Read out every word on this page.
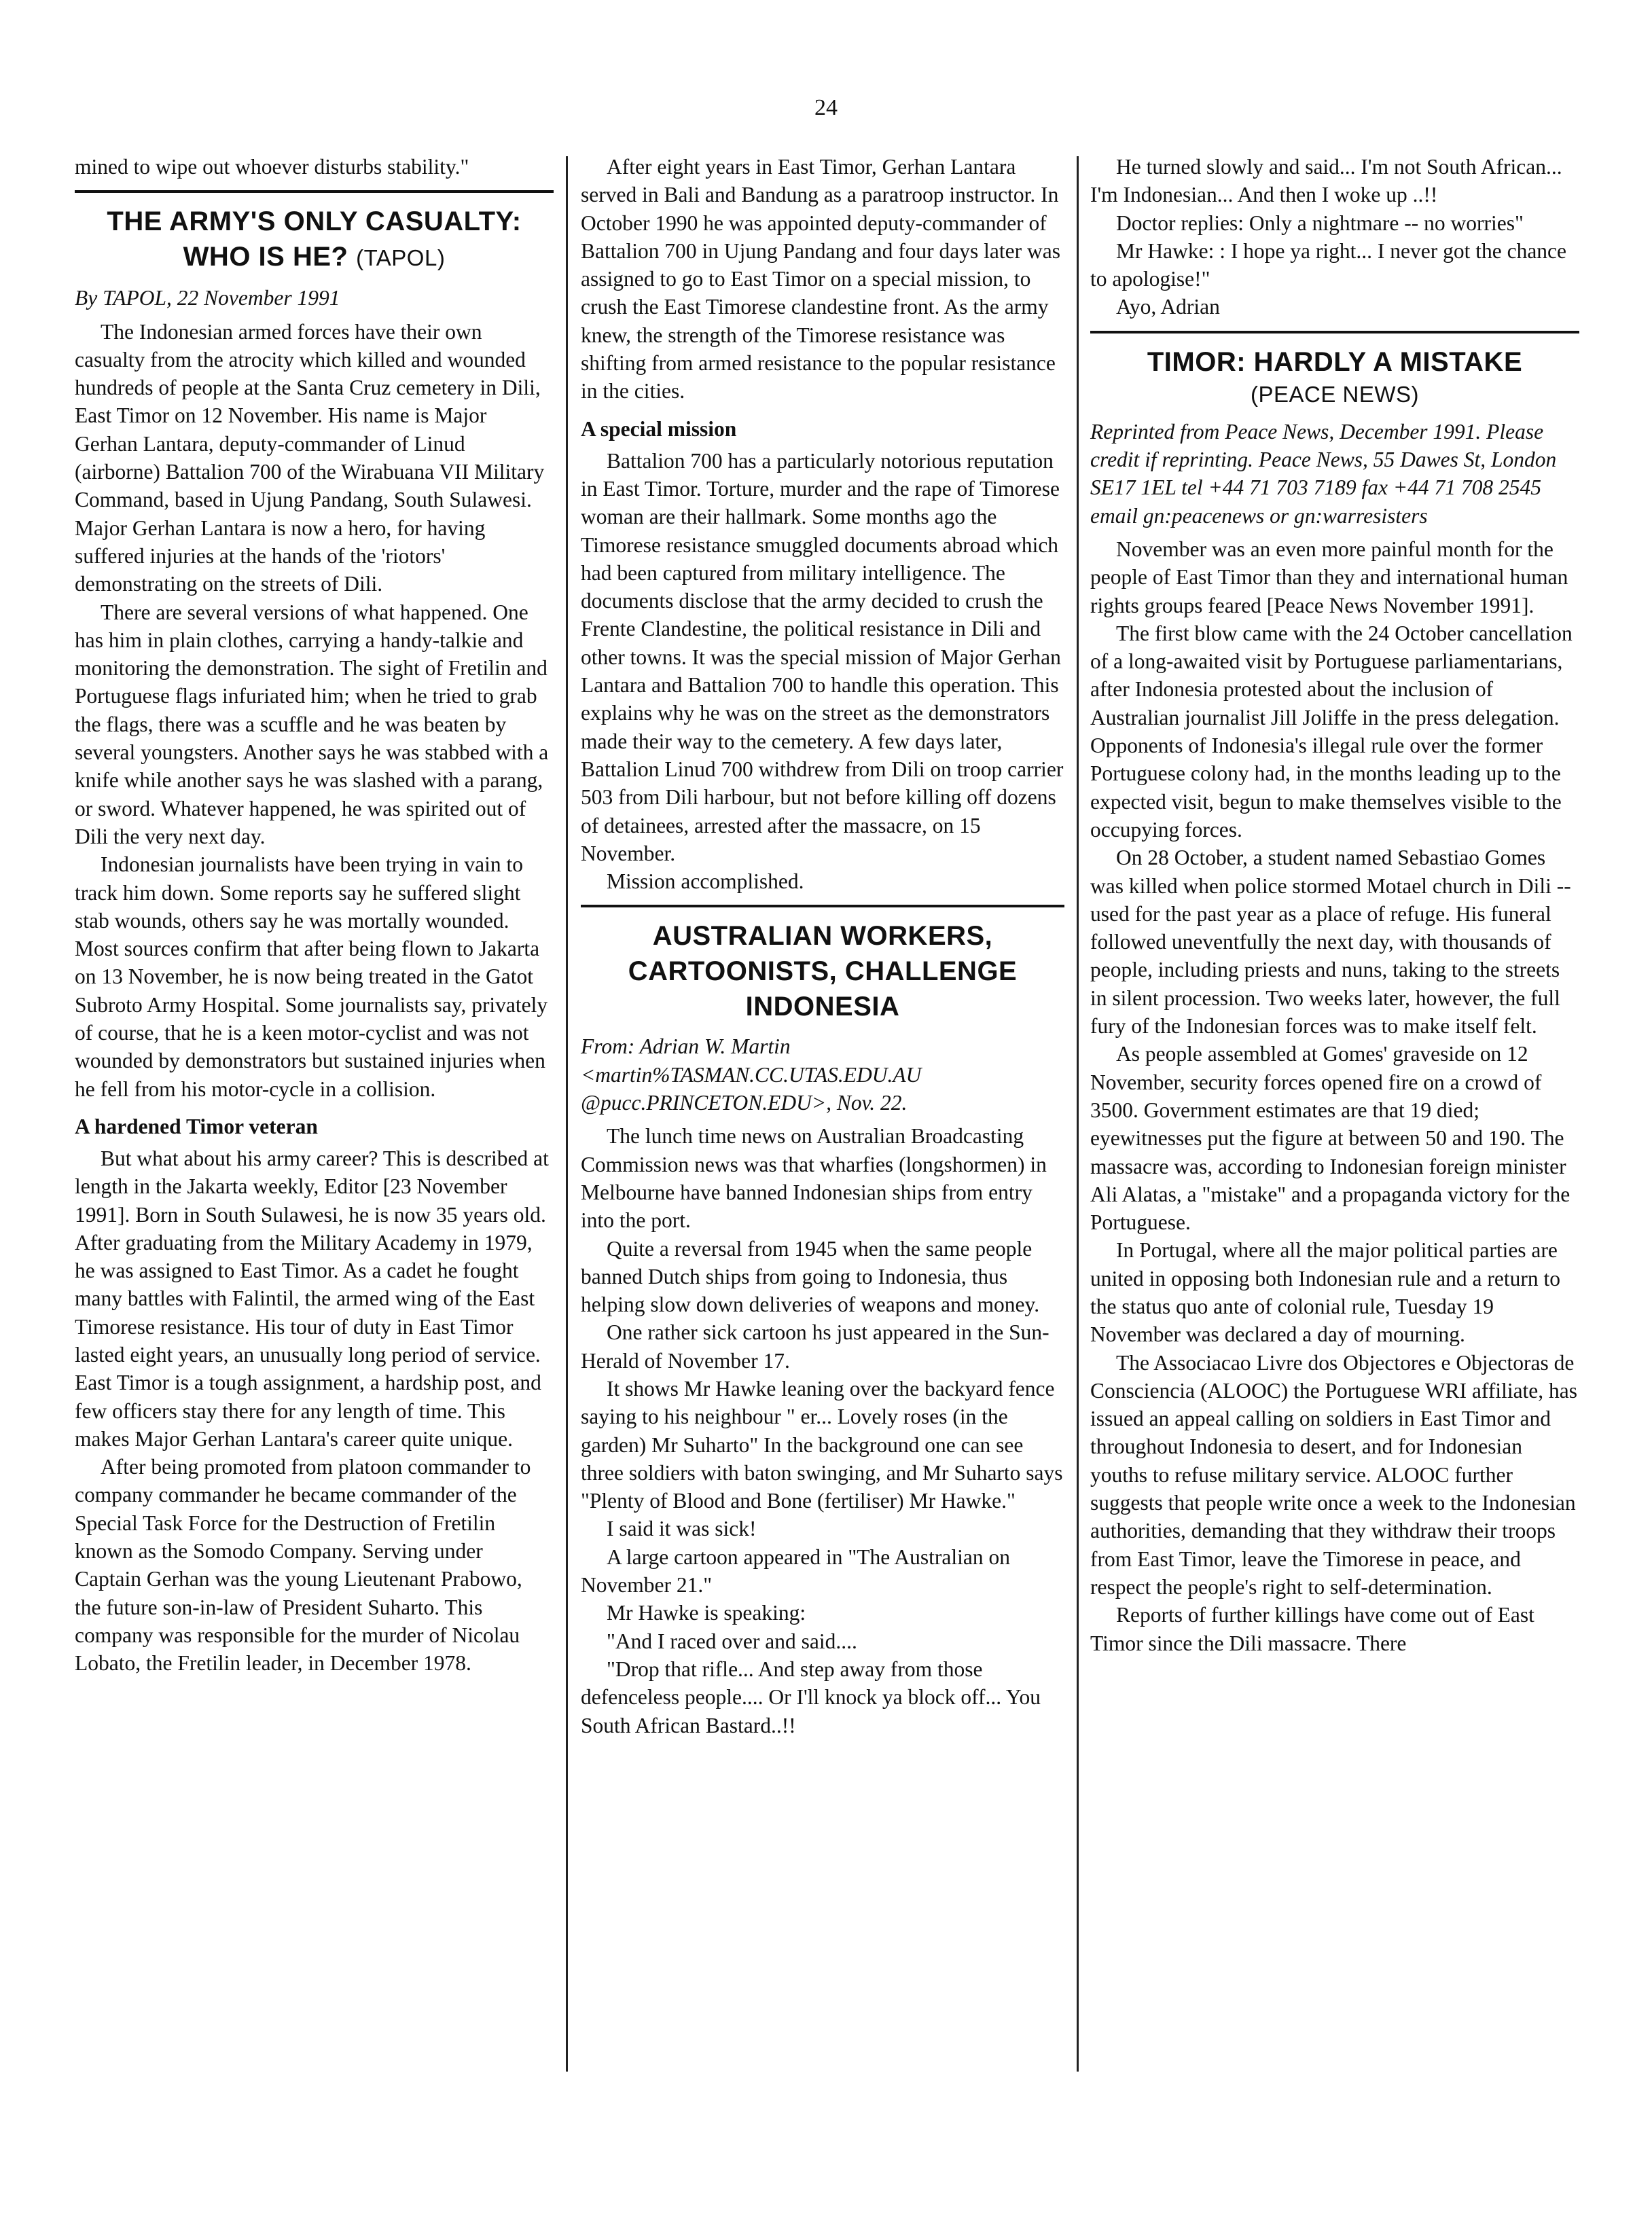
24

mined to wipe out whoever disturbs stability."

THE ARMY'S ONLY CASUALTY: WHO IS HE? (TAPOL)

By TAPOL, 22 November 1991

The Indonesian armed forces have their own casualty from the atrocity which killed and wounded hundreds of people at the Santa Cruz cemetery in Dili, East Timor on 12 November. His name is Major Gerhan Lantara, deputy-commander of Linud (airborne) Battalion 700 of the Wirabuana VII Military Command, based in Ujung Pandang, South Sulawesi. Major Gerhan Lantara is now a hero, for having suffered injuries at the hands of the 'riotors' demonstrating on the streets of Dili.

There are several versions of what happened. One has him in plain clothes, carrying a handy-talkie and monitoring the demonstration. The sight of Fretilin and Portuguese flags infuriated him; when he tried to grab the flags, there was a scuffle and he was beaten by several youngsters. Another says he was stabbed with a knife while another says he was slashed with a parang, or sword. Whatever happened, he was spirited out of Dili the very next day.

Indonesian journalists have been trying in vain to track him down. Some reports say he suffered slight stab wounds, others say he was mortally wounded. Most sources confirm that after being flown to Jakarta on 13 November, he is now being treated in the Gatot Subroto Army Hospital. Some journalists say, privately of course, that he is a keen motor-cyclist and was not wounded by demonstrators but sustained injuries when he fell from his motor-cycle in a collision.

A hardened Timor veteran

But what about his army career? This is described at length in the Jakarta weekly, Editor [23 November 1991]. Born in South Sulawesi, he is now 35 years old. After graduating from the Military Academy in 1979, he was assigned to East Timor. As a cadet he fought many battles with Falintil, the armed wing of the East Timorese resistance. His tour of duty in East Timor lasted eight years, an unusually long period of service. East Timor is a tough assignment, a hardship post, and few officers stay there for any length of time. This makes Major Gerhan Lantara's career quite unique.

After being promoted from platoon commander to company commander he became commander of the Special Task Force for the Destruction of Fretilin known as the Somodo Company. Serving under Captain Gerhan was the young Lieutenant Prabowo, the future son-in-law of President Suharto. This company was responsible for the murder of Nicolau Lobato, the Fretilin leader, in December 1978.

After eight years in East Timor, Gerhan Lantara served in Bali and Bandung as a paratroop instructor. In October 1990 he was appointed deputy-commander of Battalion 700 in Ujung Pandang and four days later was assigned to go to East Timor on a special mission, to crush the East Timorese clandestine front. As the army knew, the strength of the Timorese resistance was shifting from armed resistance to the popular resistance in the cities.

A special mission

Battalion 700 has a particularly notorious reputation in East Timor. Torture, murder and the rape of Timorese woman are their hallmark. Some months ago the Timorese resistance smuggled documents abroad which had been captured from military intelligence. The documents disclose that the army decided to crush the Frente Clandestine, the political resistance in Dili and other towns. It was the special mission of Major Gerhan Lantara and Battalion 700 to handle this operation. This explains why he was on the street as the demonstrators made their way to the cemetery. A few days later, Battalion Linud 700 withdrew from Dili on troop carrier 503 from Dili harbour, but not before killing off dozens of detainees, arrested after the massacre, on 15 November.

Mission accomplished.

AUSTRALIAN WORKERS, CARTOONISTS, CHALLENGE INDONESIA

From: Adrian W. Martin <martin%TASMAN.CC.UTAS.EDU.AU @pucc.PRINCETON.EDU>, Nov. 22.

The lunch time news on Australian Broadcasting Commission news was that wharfies (longshormen) in Melbourne have banned Indonesian ships from entry into the port.

Quite a reversal from 1945 when the same people banned Dutch ships from going to Indonesia, thus helping slow down deliveries of weapons and money.

One rather sick cartoon hs just appeared in the Sun-Herald of November 17.

It shows Mr Hawke leaning over the backyard fence saying to his neighbour " er... Lovely roses (in the garden) Mr Suharto" In the background one can see three soldiers with baton swinging, and Mr Suharto says "Plenty of Blood and Bone (fertiliser) Mr Hawke."

I said it was sick!

A large cartoon appeared in "The Australian on November 21."

Mr Hawke is speaking:

"And I raced over and said....

"Drop that rifle... And step away from those defenceless people.... Or I'll knock ya block off... You South African Bastard..!!

He turned slowly and said... I'm not South African... I'm Indonesian... And then I woke up ..!!

Doctor replies: Only a nightmare -- no worries"

Mr Hawke: : I hope ya right... I never got the chance to apologise!"

Ayo, Adrian

TIMOR: HARDLY A MISTAKE
(PEACE NEWS)

Reprinted from Peace News, December 1991. Please credit if reprinting. Peace News, 55 Dawes St, London SE17 1EL tel +44 71 703 7189 fax +44 71 708 2545 email gn:peacenews or gn:warresisters

November was an even more painful month for the people of East Timor than they and international human rights groups feared [Peace News November 1991].

The first blow came with the 24 October cancellation of a long-awaited visit by Portuguese parliamentarians, after Indonesia protested about the inclusion of Australian journalist Jill Joliffe in the press delegation. Opponents of Indonesia's illegal rule over the former Portuguese colony had, in the months leading up to the expected visit, begun to make themselves visible to the occupying forces.

On 28 October, a student named Sebastiao Gomes was killed when police stormed Motael church in Dili -- used for the past year as a place of refuge. His funeral followed uneventfully the next day, with thousands of people, including priests and nuns, taking to the streets in silent procession. Two weeks later, however, the full fury of the Indonesian forces was to make itself felt.

As people assembled at Gomes' graveside on 12 November, security forces opened fire on a crowd of 3500. Government estimates are that 19 died; eyewitnesses put the figure at between 50 and 190. The massacre was, according to Indonesian foreign minister Ali Alatas, a "mistake" and a propaganda victory for the Portuguese.

In Portugal, where all the major political parties are united in opposing both Indonesian rule and a return to the status quo ante of colonial rule, Tuesday 19 November was declared a day of mourning.

The Associacao Livre dos Objectores e Objectoras de Consciencia (ALOOC) the Portuguese WRI affiliate, has issued an appeal calling on soldiers in East Timor and throughout Indonesia to desert, and for Indonesian youths to refuse military service. ALOOC further suggests that people write once a week to the Indonesian authorities, demanding that they withdraw their troops from East Timor, leave the Timorese in peace, and respect the people's right to self-determination.

Reports of further killings have come out of East Timor since the Dili massacre. There
